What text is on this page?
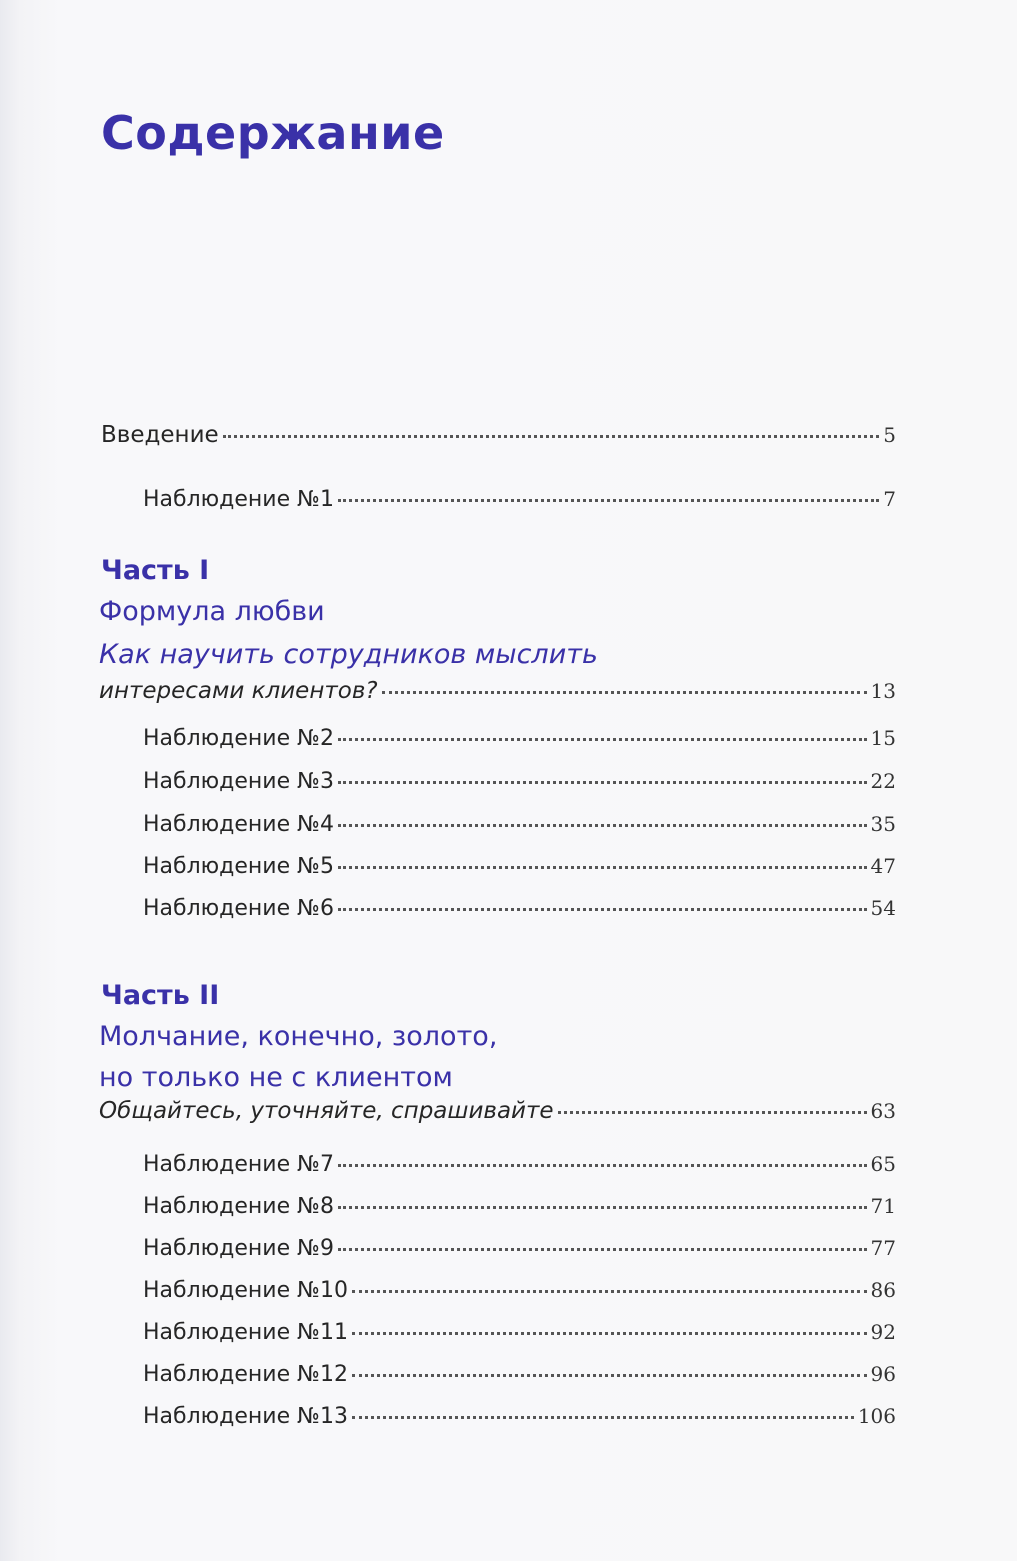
Содержание
Введение	5
Наблюдение №1	7
Часть I
Формула любви

Как научить сотрудников мыслить

интересами клиентов?	13
Наблюдение №2	15
Наблюдение №3	22
Наблюдение №4	35
Наблюдение №5	47
Наблюдение №6	54
Часть II
Молчание, конечно, золото,
но только не с клиентом
Общайтесь, уточняйте, спрашивайте	63
Наблюдение №7	65
Наблюдение №8	71
Наблюдение №9	77
Наблюдение №10	86
Наблюдение №11	92
Наблюдение №12	96
Наблюдение №13	106
